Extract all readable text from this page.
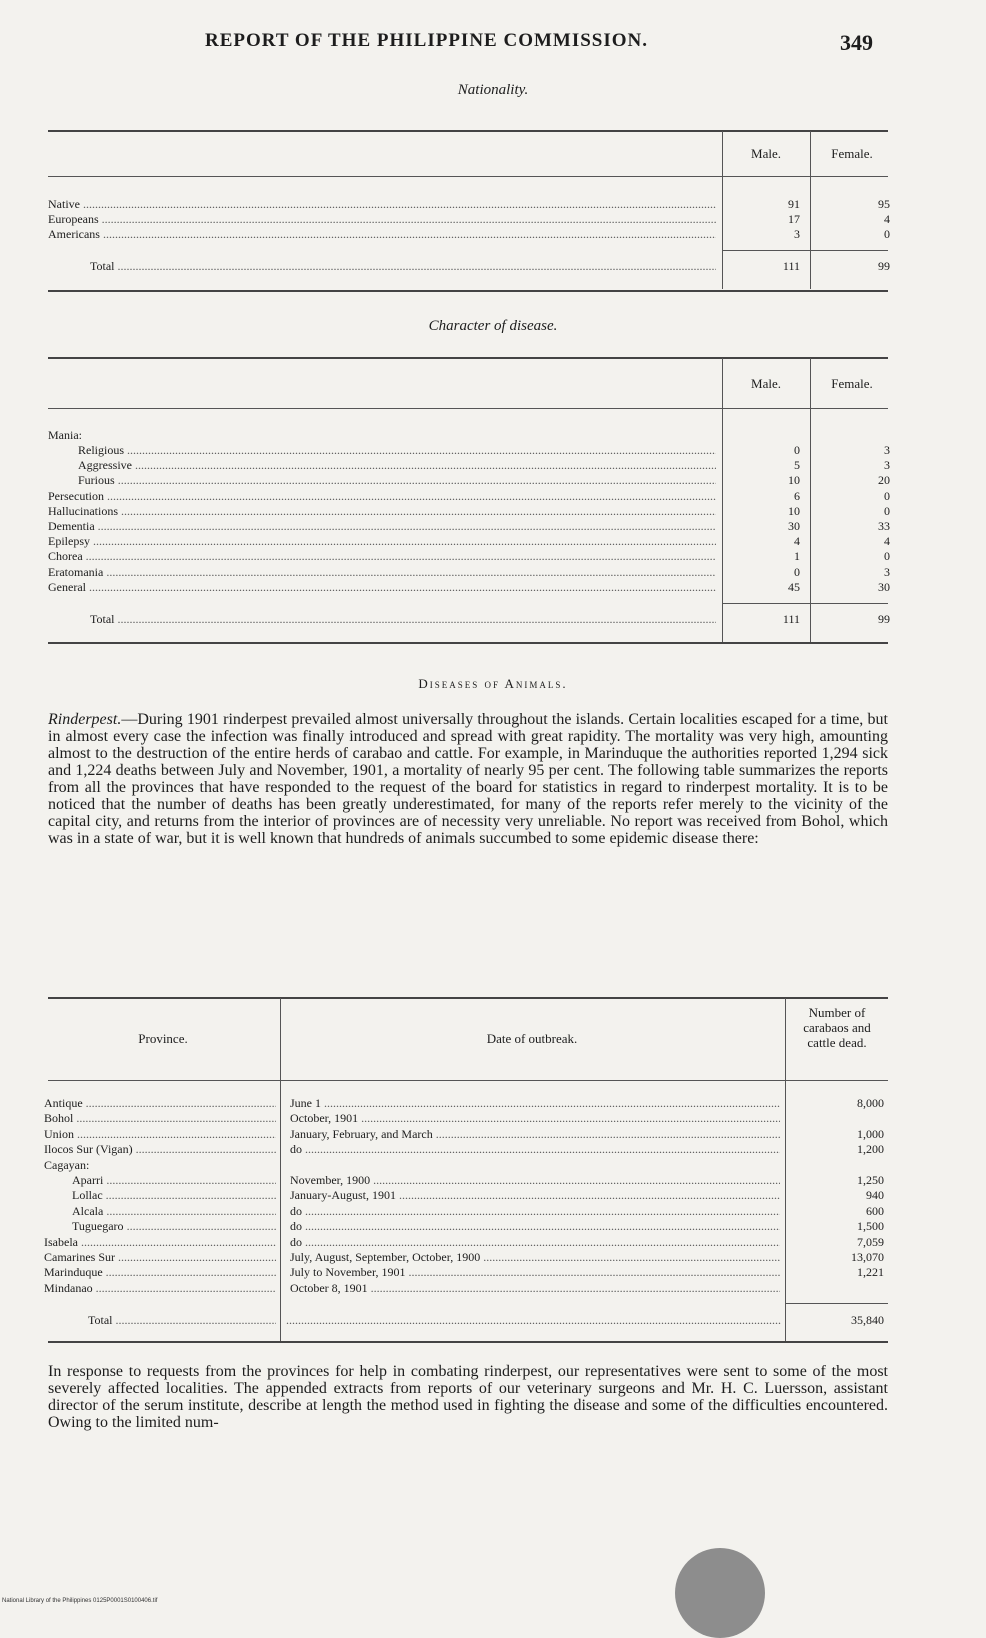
REPORT OF THE PHILIPPINE COMMISSION.	349
Nationality.
Male.	Female.
Native .....	91	95
Europeans .....	17	4
Americans .....	3	0
Total .....	111	99
Character of disease.
Male.	Female.
Mania:
Religious .....	0	3
Aggressive .....	5	3
Furious .....	10	20
Persecution .....	6	0
Hallucinations .....	10	0
Dementia .....	30	33
Epilepsy .....	4	4
Chorea .....	1	0
Eratomania .....	0	3
General .....	45	30
Total .....	111	99
Diseases of Animals.
Rinderpest.—During 1901 rinderpest prevailed almost universally throughout the islands. Certain localities escaped for a time, but in almost every case the infection was finally introduced and spread with great rapidity. The mortality was very high, amounting almost to the destruction of the entire herds of carabao and cattle. For example, in Marinduque the authorities reported 1,294 sick and 1,224 deaths between July and November, 1901, a mortality of nearly 95 per cent. The following table summarizes the reports from all the provinces that have responded to the request of the board for statistics in regard to rinderpest mortality. It is to be noticed that the number of deaths has been greatly underestimated, for many of the reports refer merely to the vicinity of the capital city, and returns from the interior of provinces are of necessity very unreliable. No report was received from Bohol, which was in a state of war, but it is well known that hundreds of animals succumbed to some epidemic disease there:
Province.	Date of outbreak.
Number of carabaos and cattle dead.
Antique .....	June 1 .....	8,000
Bohol .....	October, 1901 .....
Union .....	January, February, and March .....	1,000
Ilocos Sur (Vigan) .....	do .....	1,200
Cagayan:
Aparri .....	November, 1900 .....	1,250
Lollac .....	January-August, 1901 .....	940
Alcala .....	do .....	600
Tuguegaro .....	do .....	1,500
Isabela .....	do .....	7,059
Camarines Sur .....	July, August, September, October, 1900 .....	13,070
Marinduque .....	July to November, 1901 .....	1,221
Mindanao .....	October 8, 1901 .....
Total ..... .....	35,840
In response to requests from the provinces for help in combating rinderpest, our representatives were sent to some of the most severely affected localities. The appended extracts from reports of our veterinary surgeons and Mr. H. C. Luersson, assistant director of the serum institute, describe at length the method used in fighting the disease and some of the difficulties encountered. Owing to the limited num-
National Library of the Philippines 0125P0001S0100406.tif
